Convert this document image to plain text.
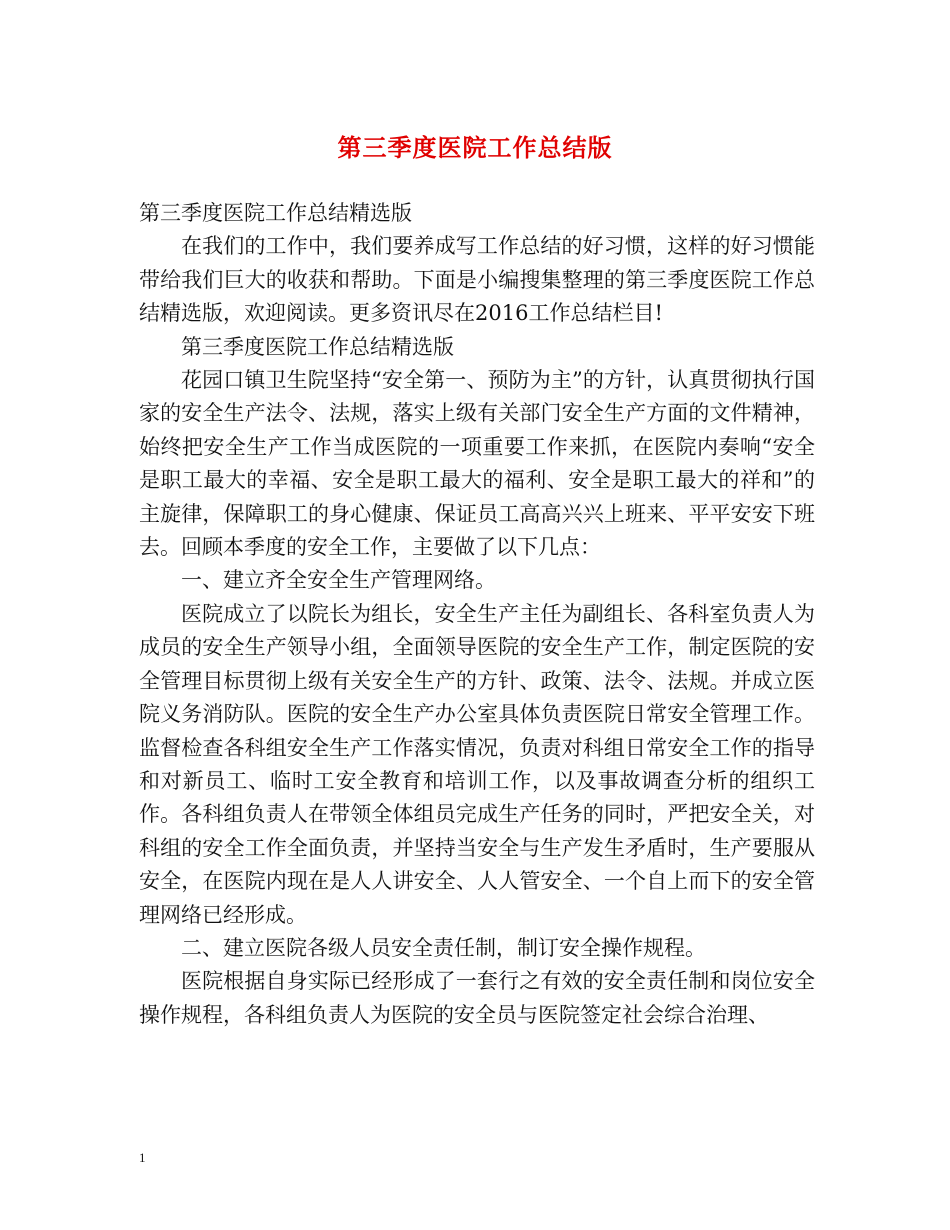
第三季度医院工作总结版

第三季度医院工作总结精选版

在我们的工作中，我们要养成写工作总结的好习惯，这样的好习惯能带给我们巨大的收获和帮助。下面是小编搜集整理的第三季度医院工作总结精选版，欢迎阅读。更多资讯尽在2016工作总结栏目!

第三季度医院工作总结精选版

花园口镇卫生院坚持“安全第一、预防为主”的方针，认真贯彻执行国家的安全生产法令、法规，落实上级有关部门安全生产方面的文件精神，始终把安全生产工作当成医院的一项重要工作来抓，在医院内奏响“安全是职工最大的幸福、安全是职工最大的福利、安全是职工最大的祥和”的主旋律，保障职工的身心健康、保证员工高高兴兴上班来、平平安安下班去。回顾本季度的安全工作，主要做了以下几点：

一、建立齐全安全生产管理网络。

医院成立了以院长为组长，安全生产主任为副组长、各科室负责人为成员的安全生产领导小组，全面领导医院的安全生产工作，制定医院的安全管理目标贯彻上级有关安全生产的方针、政策、法令、法规。并成立医院义务消防队。医院的安全生产办公室具体负责医院日常安全管理工作。监督检查各科组安全生产工作落实情况，负责对科组日常安全工作的指导和对新员工、临时工安全教育和培训工作，以及事故调查分析的组织工作。各科组负责人在带领全体组员完成生产任务的同时，严把安全关，对科组的安全工作全面负责，并坚持当安全与生产发生矛盾时，生产要服从安全，在医院内现在是人人讲安全、人人管安全、一个自上而下的安全管理网络已经形成。

二、建立医院各级人员安全责任制，制订安全操作规程。

医院根据自身实际已经形成了一套行之有效的安全责任制和岗位安全操作规程，各科组负责人为医院的安全员与医院签定社会综合治理、

1
